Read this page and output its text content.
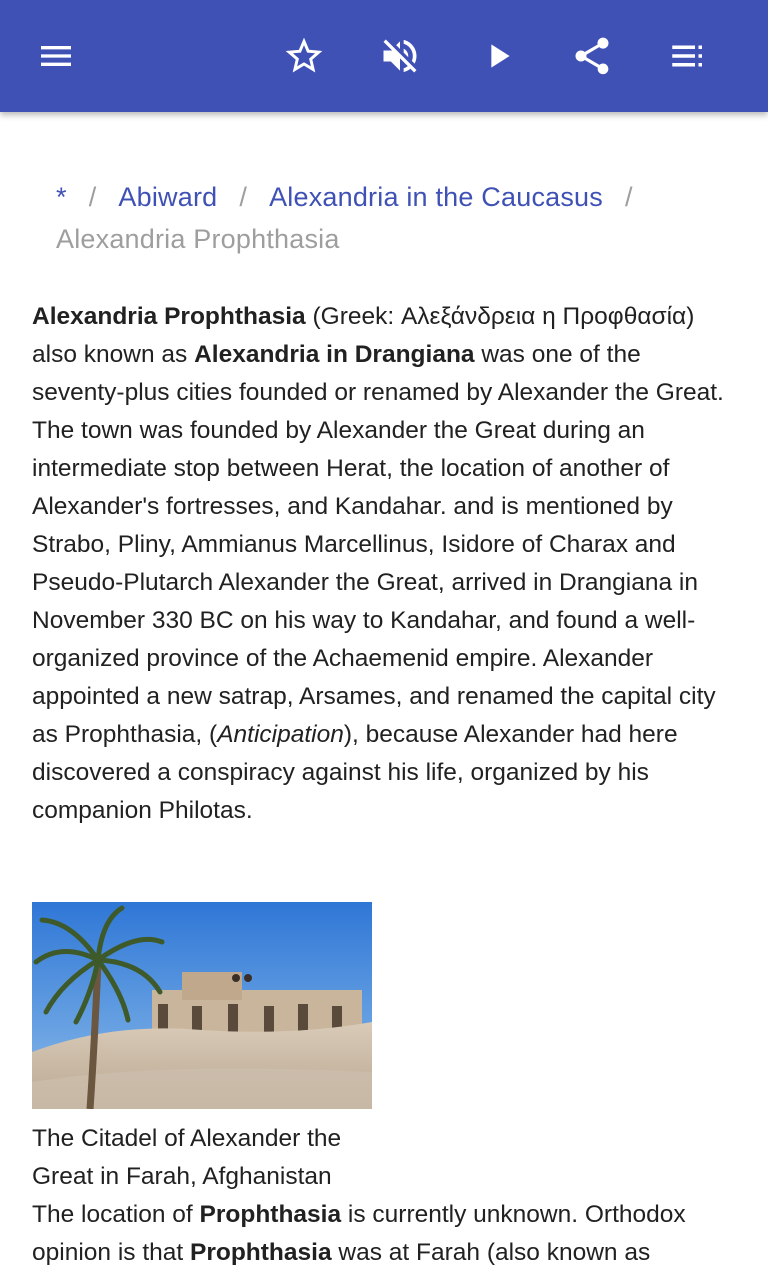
* / Abiward / Alexandria in the Caucasus /
Alexandria Prophthasia

Alexandria Prophthasia (Greek: Αλεξάνδρεια η Προφθασία) also known as Alexandria in Drangiana was one of the seventy-plus cities founded or renamed by Alexander the Great.

The town was founded by Alexander the Great during an intermediate stop between Herat, the location of another of Alexander's fortresses, and Kandahar. and is mentioned by Strabo, Pliny, Ammianus Marcellinus, Isidore of Charax and Pseudo-Plutarch Alexander the Great, arrived in Drangiana in November 330 BC on his way to Kandahar, and found a well-organized province of the Achaemenid empire. Alexander appointed a new satrap, Arsames, and renamed the capital city as Prophthasia, (Anticipation), because Alexander had here discovered a conspiracy against his life, organized by his companion Philotas.

The Citadel of Alexander the Great in Farah, Afghanistan

The location of Prophthasia is currently unknown. Orthodox opinion is that Prophthasia was at Farah (also known as
